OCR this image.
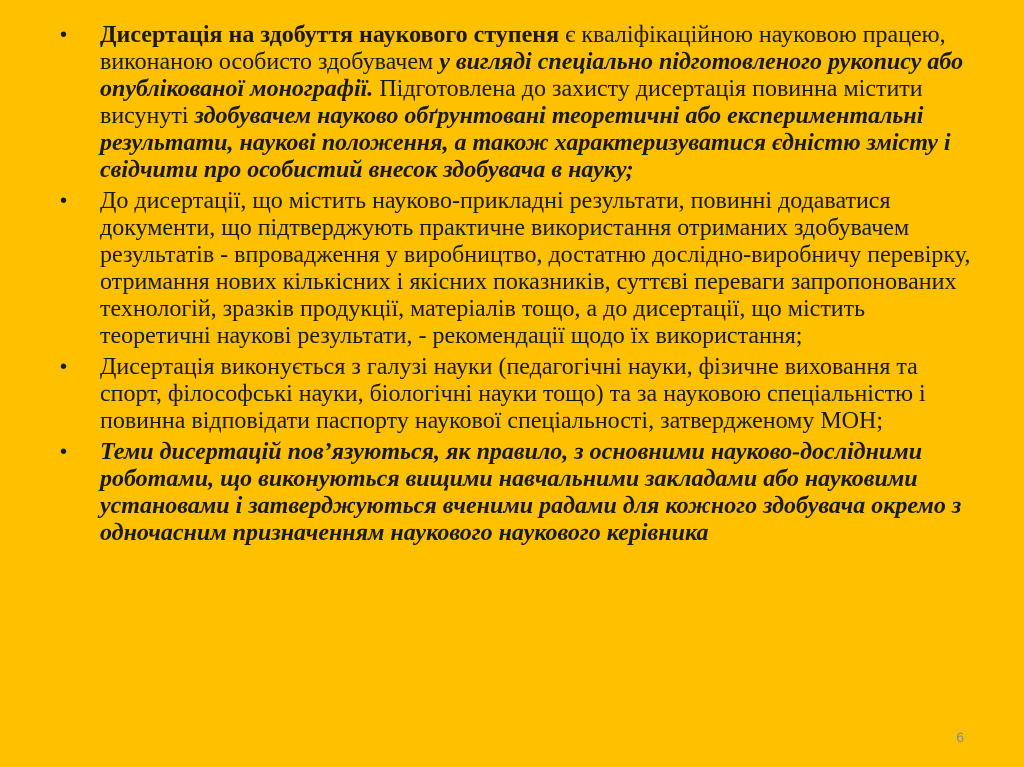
•	Дисертація на здобуття наукового ступеня є кваліфікаційною науковою працею, виконаною особисто здобувачем у вигляді спеціально підготовленого рукопису або опублікованої монографії. Підготовлена до захисту дисертація повинна містити висунуті здобувачем науково обґрунтовані теоретичні або експериментальні результати, наукові положення, а також характеризуватися єдністю змісту і свідчити про особистий внесок здобувача в науку;
•	До дисертації, що містить науково-прикладні результати, повинні додаватися документи, що підтверджують практичне використання отриманих здобувачем результатів - впровадження у виробництво, достатню дослідно-виробничу перевірку, отримання нових кількісних і якісних показників, суттєві переваги запропонованих технологій, зразків продукції, матеріалів тощо, а до дисертації, що містить теоретичні наукові результати, - рекомендації щодо їх використання;
•	Дисертація виконується з галузі науки (педагогічні науки, фізичне виховання та спорт, філософські науки, біологічні науки тощо) та за науковою спеціальністю і повинна відповідати паспорту наукової спеціальності, затвердженому МОН;
•	Теми дисертацій пов’язуються, як правило, з основними науково-дослідними роботами, що виконуються вищими навчальними закладами або науковими установами і затверджуються вченими радами для кожного здобувача окремо з одночасним призначенням наукового наукового керівника
6
